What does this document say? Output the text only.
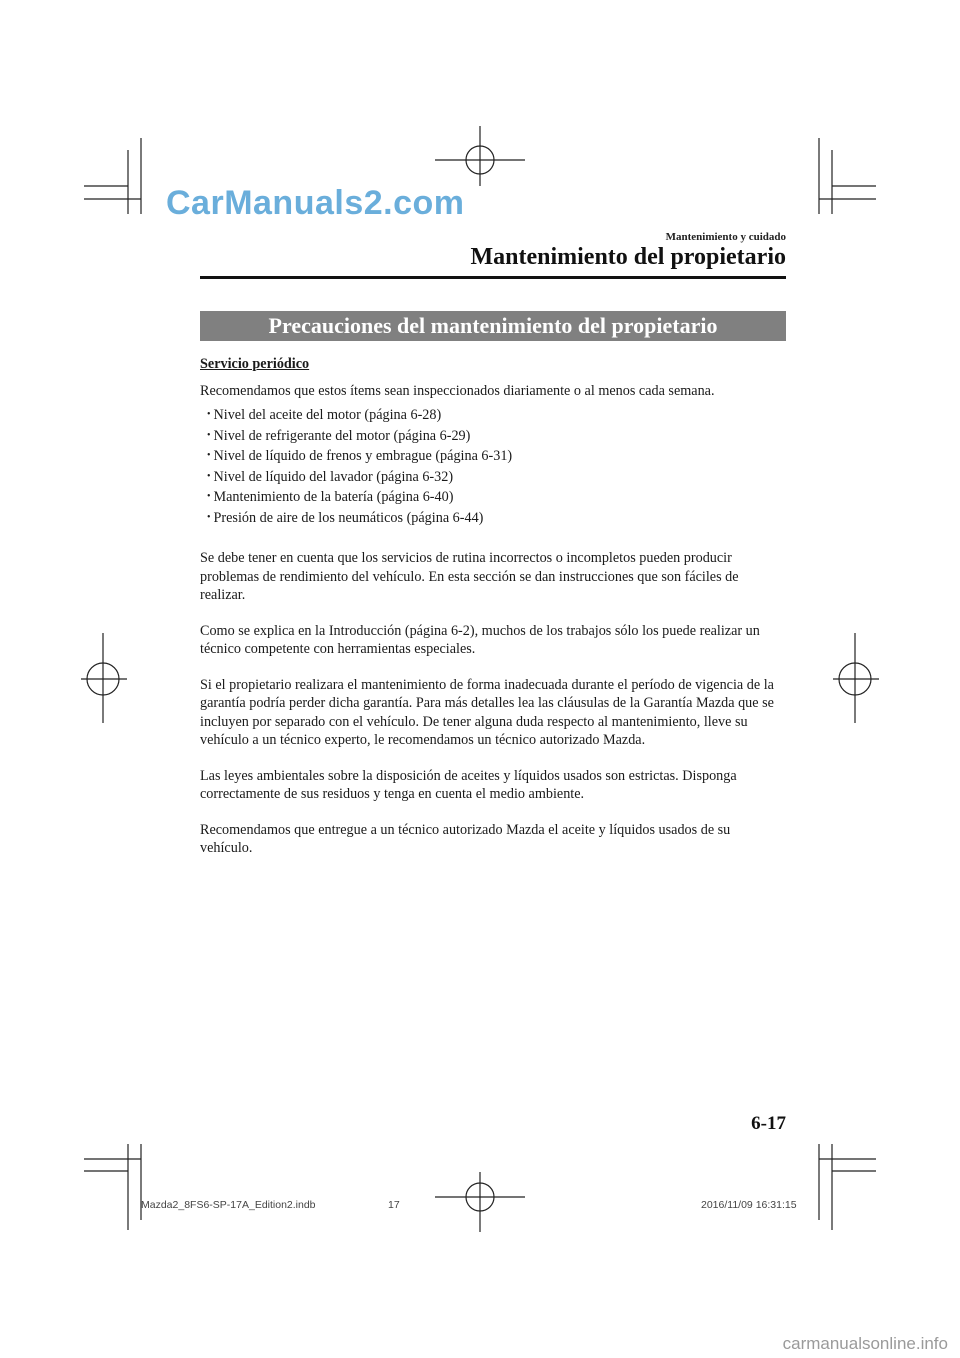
CarManuals2.com
Mantenimiento y cuidado
Mantenimiento del propietario
Precauciones del mantenimiento del propietario
Servicio periódico

Recomendamos que estos ítems sean inspeccionados diariamente o al menos cada semana.

• Nivel del aceite del motor (página 6-28)
• Nivel de refrigerante del motor (página 6-29)
• Nivel de líquido de frenos y embrague (página 6-31)
• Nivel de líquido del lavador (página 6-32)
• Mantenimiento de la batería (página 6-40)
• Presión de aire de los neumáticos (página 6-44)

Se debe tener en cuenta que los servicios de rutina incorrectos o incompletos pueden producir problemas de rendimiento del vehículo. En esta sección se dan instrucciones que son fáciles de realizar.

Como se explica en la Introducción (página 6-2), muchos de los trabajos sólo los puede realizar un técnico competente con herramientas especiales.

Si el propietario realizara el mantenimiento de forma inadecuada durante el período de vigencia de la garantía podría perder dicha garantía. Para más detalles lea las cláusulas de la Garantía Mazda que se incluyen por separado con el vehículo. De tener alguna duda respecto al mantenimiento, lleve su vehículo a un técnico experto, le recomendamos un técnico autorizado Mazda.

Las leyes ambientales sobre la disposición de aceites y líquidos usados son estrictas. Disponga correctamente de sus residuos y tenga en cuenta el medio ambiente.

Recomendamos que entregue a un técnico autorizado Mazda el aceite y líquidos usados de su vehículo.

6-17
Mazda2_8FS6-SP-17A_Edition2.indb	17	2016/11/09 16:31:15
carmanualsonline.info
